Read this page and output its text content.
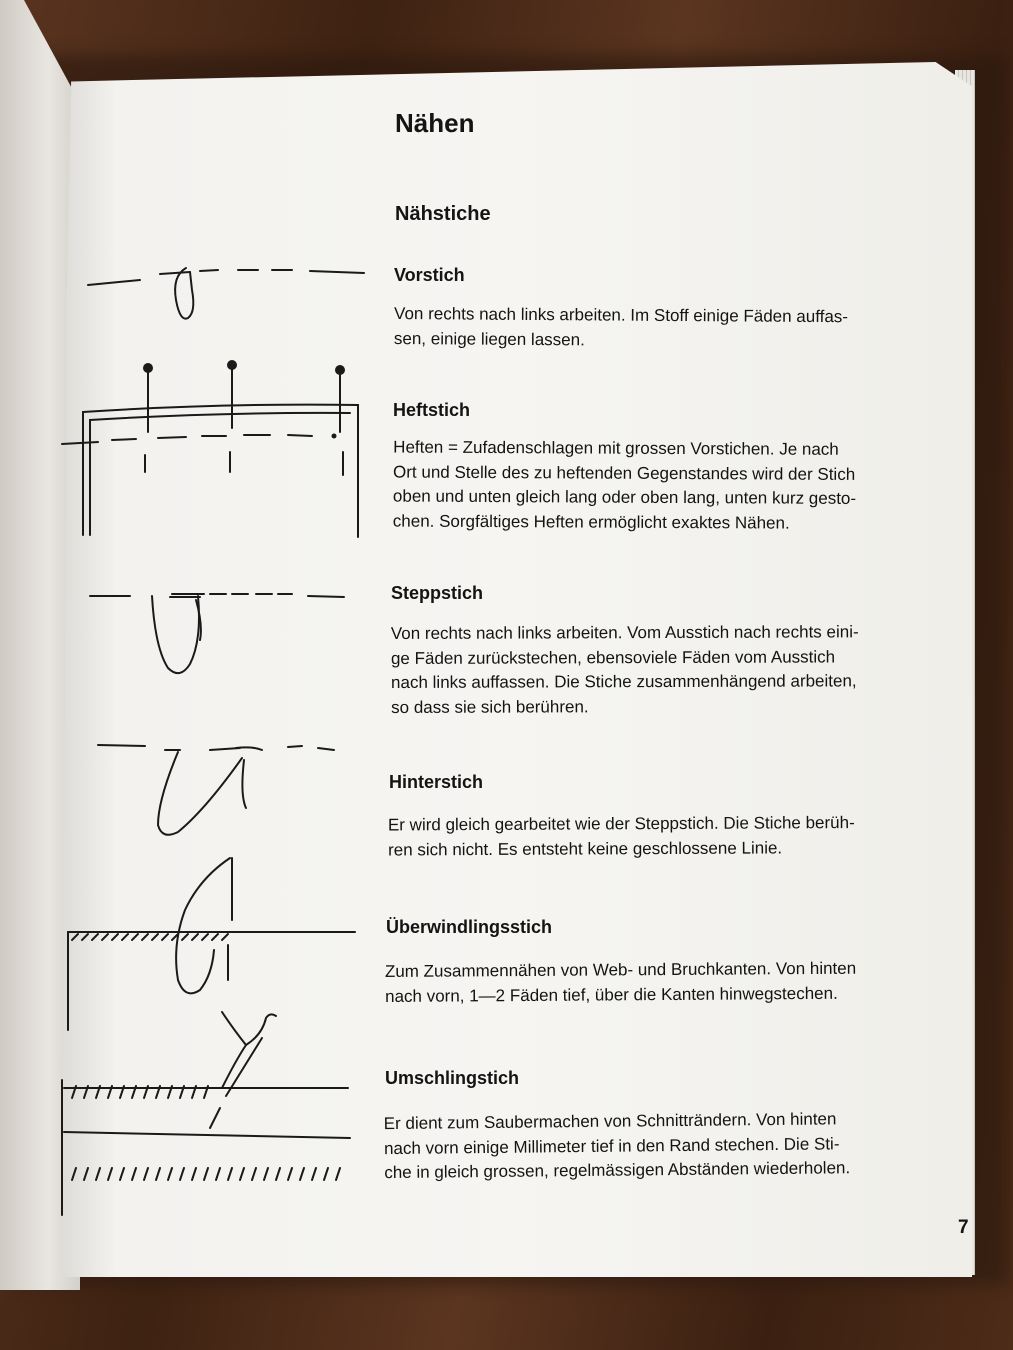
Nähen
Nähstiche
Vorstich
Von rechts nach links arbeiten. Im Stoff einige Fäden auffas-
sen, einige liegen lassen.
Heftstich
Heften = Zufadenschlagen mit grossen Vorstichen. Je nach
Ort und Stelle des zu heftenden Gegenstandes wird der Stich
oben und unten gleich lang oder oben lang, unten kurz gesto-
chen. Sorgfältiges Heften ermöglicht exaktes Nähen.
Steppstich
Von rechts nach links arbeiten. Vom Ausstich nach rechts eini-
ge Fäden zurückstechen, ebensoviele Fäden vom Ausstich
nach links auffassen. Die Stiche zusammenhängend arbeiten,
so dass sie sich berühren.
Hinterstich
Er wird gleich gearbeitet wie der Steppstich. Die Stiche berüh-
ren sich nicht. Es entsteht keine geschlossene Linie.
Überwindlingsstich
Zum Zusammennähen von Web- und Bruchkanten. Von hinten
nach vorn, 1—2 Fäden tief, über die Kanten hinwegstechen.
Umschlingstich
Er dient zum Saubermachen von Schnitträndern. Von hinten
nach vorn einige Millimeter tief in den Rand stechen. Die Sti-
che in gleich grossen, regelmässigen Abständen wiederholen.
7
